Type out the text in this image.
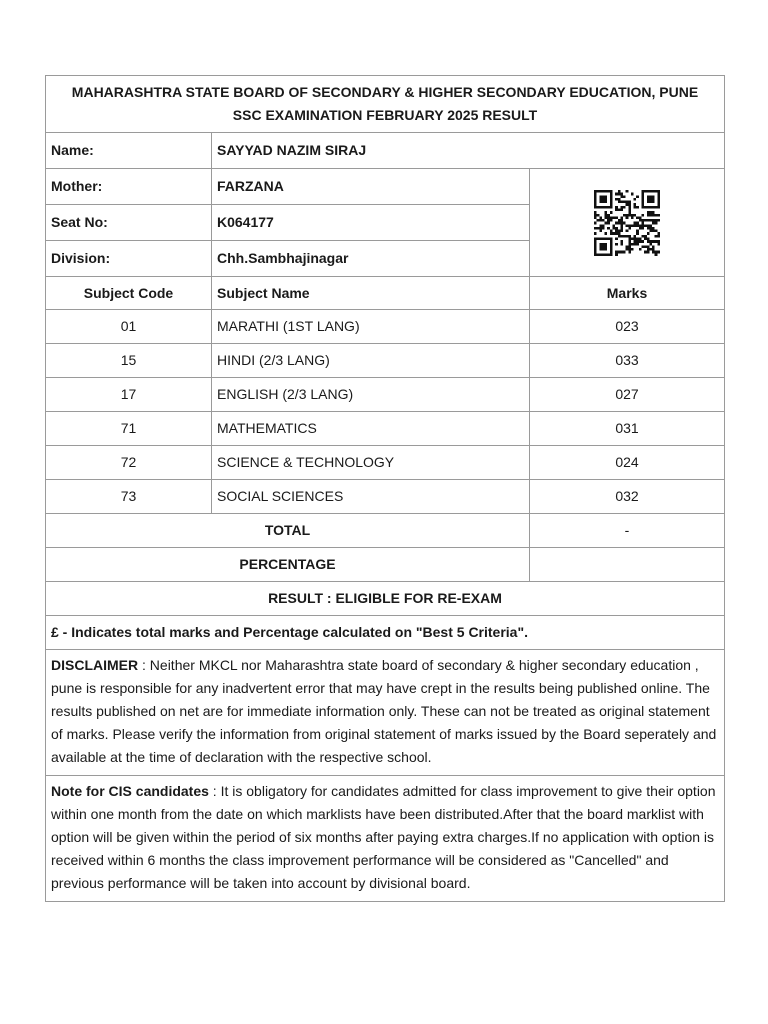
MAHARASHTRA STATE BOARD OF SECONDARY & HIGHER SECONDARY EDUCATION, PUNE
SSC EXAMINATION FEBRUARY 2025 RESULT		

Name:	SAYYAD NAZIM SIRAJ	
Mother:	FARZANA	

Seat No:	K064177	
Division:	Chh.Sambhajinagar	
Subject Code	Subject Name	Marks
01	MARATHI (1ST LANG)	023
15	HINDI (2/3 LANG)	033
17	ENGLISH (2/3 LANG)	027
71	MATHEMATICS	031
72	SCIENCE & TECHNOLOGY	024
73	SOCIAL SCIENCES	032
TOTAL		-
PERCENTAGE		
RESULT : ELIGIBLE FOR RE-EXAM		
£ - Indicates total marks and Percentage calculated on "Best 5 Criteria".		
DISCLAIMER : Neither MKCL nor Maharashtra state board of secondary & higher secondary education , pune is responsible for any inadvertent error that may have crept in the results being published online. The results published on net are for immediate information only. These can not be treated as original statement of marks. Please verify the information from original statement of marks issued by the Board seperately and available at the time of declaration with the respective school.		
Note for CIS candidates : It is obligatory for candidates admitted for class improvement to give their option within one month from the date on which marklists have been distributed.After that the board marklist with option will be given within the period of six months after paying extra charges.If no application with option is received within 6 months the class improvement performance will be considered as "Cancelled" and previous performance will be taken into account by divisional board.		
